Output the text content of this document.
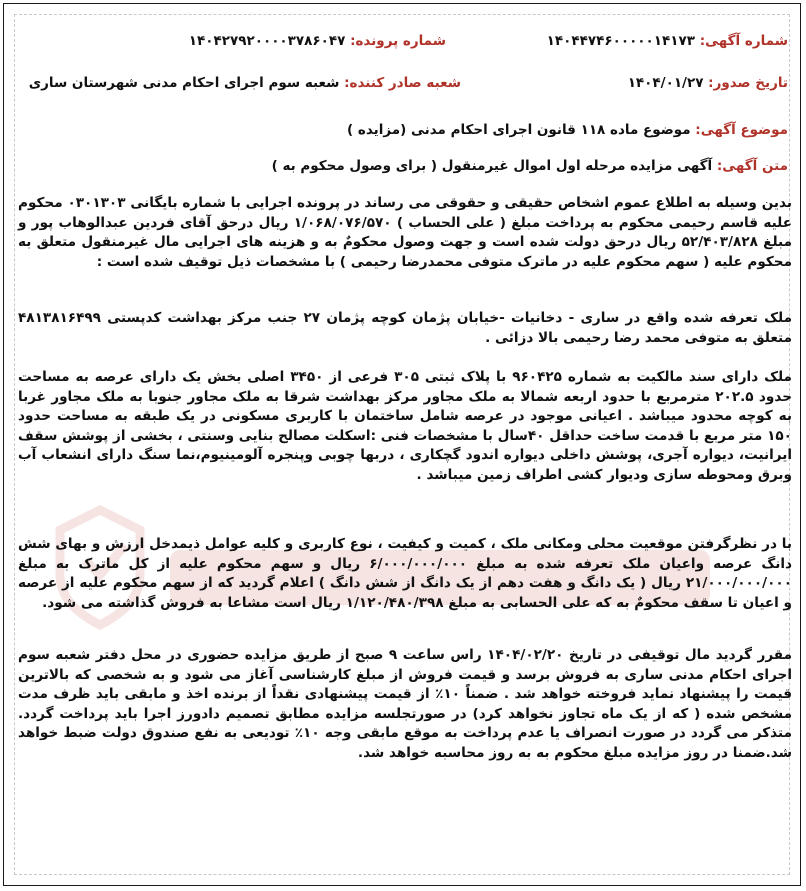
شماره آگهی: ۱۴۰۴۴۷۴۶۰۰۰۰۰۱۴۱۷۳
شماره پرونده: ۱۴۰۴۲۷۹۲۰۰۰۰۳۷۸۶۰۴۷
تاریخ صدور: ۱۴۰۴/۰۱/۲۷
شعبه صادر کننده: شعبه سوم اجرای احکام مدنی شهرستان ساری
موضوع آگهی: موضوع ماده ۱۱۸ قانون اجرای احکام مدنی (مزایده )
متن آگهی: آگهی مزایده مرحله اول اموال غیرمنقول ( برای وصول محکوم به )
بدین وسیله به اطلاع عموم اشخاص حقیقی و حقوقی می رساند در پرونده اجرایی با شماره بایگانی ۰۳۰۱۳۰۳ محکوم علیه قاسم رحیمی محکوم به پرداخت مبلغ ( علی الحساب ) ۱/۰۶۸/۰۷۶/۵۷۰ ریال درحق آقای فردین عبدالوهاب پور و مبلغ ۵۲/۴۰۳/۸۲۸ ریال درحق دولت شده است و جهت وصول محکومٌ به و هزینه های اجرایی مال غیرمنقول متعلق به محکوم علیه ( سهم محکوم علیه در ماترک متوفی محمدرضا رحیمی ) با مشخصات ذیل توقیف شده است :
ملک تعرفه شده واقع در ساری - دخانیات -خیابان پژمان کوچه پژمان ۲۷ جنب مرکز بهداشت کدپستی ۴۸۱۳۸۱۶۴۹۹ متعلق به متوفی محمد رضا رحیمی بالا دزائی .
ملک دارای سند مالکیت به شماره ۹۶۰۴۲۵ با پلاک ثبتی ۳۰۵ فرعی از ۳۴۵۰ اصلی بخش یک دارای عرصه به مساحت حدود ۲۰۲.۵ مترمربع با حدود اربعه شمالا به ملک مجاور مرکز بهداشت شرقا به ملک مجاور جنوبا به ملک مجاور غربا به کوچه محدود میباشد . اعیانی موجود در عرصه شامل ساختمان با کاربری مسکونی در یک طبقه به مساحت حدود ۱۵۰ متر مربع با قدمت ساخت حداقل ۴۰سال با مشخصات فنی :اسکلت مصالح بنایی وسنتی ، بخشی از پوشش سقف ایرانیت، دیواره آجری، پوشش داخلی دیواره اندود گچکاری ، دربها چوبی وپنجره آلومینیوم،نما سنگ دارای انشعاب آب وبرق ومحوطه سازی وديوار کشی اطراف زمین میباشد .
با در نظرگرفتن موقعیت محلی ومکانی ملک ، کمیت و کیفیت ، نوع کاربری و کلیه عوامل ذیمدخل ارزش و بهای شش دانگ عرصه واعیان ملک تعرفه شده به مبلغ ۶/۰۰۰/۰۰۰/۰۰۰ ریال و سهم محکوم علیه از کل ماترک به مبلغ ۲۱/۰۰۰/۰۰۰/۰۰۰ ریال ( یک دانگ و هفت دهم از یک دانگ از شش دانگ ) اعلام گردید که از سهم محکوم علیه از عرصه و اعیان تا سقف محکومٌ به که علی الحسابی به مبلغ ۱/۱۲۰/۴۸۰/۳۹۸ ریال است مشاعا به فروش گذاشته می شود.
مقرر گردید مال توقیفی در تاریخ ۱۴۰۴/۰۲/۲۰ راس ساعت ۹ صبح از طریق مزایده حضوری در محل دفتر شعبه سوم اجرای احکام مدنی ساری به فروش برسد و قیمت فروش از مبلغ کارشناسی آغاز می شود و به شخصی که بالاترین قیمت را پیشنهاد نماید فروخته خواهد شد . ضمناً ۱۰٪ از قیمت پیشنهادی نقداً از برنده اخذ و مابقی باید ظرف مدت مشخص شده ( که از یک ماه تجاوز نخواهد کرد) در صورتجلسه مزایده مطابق تصمیم دادورز اجرا باید پرداخت گردد. متذکر می گردد در صورت انصراف یا عدم پرداخت به موقع مابقی وجه ۱۰٪ تودیعی به نفع صندوق دولت ضبط خواهد شد.ضمنا در روز مزایده مبلغ محکوم به به روز محاسبه خواهد شد.
